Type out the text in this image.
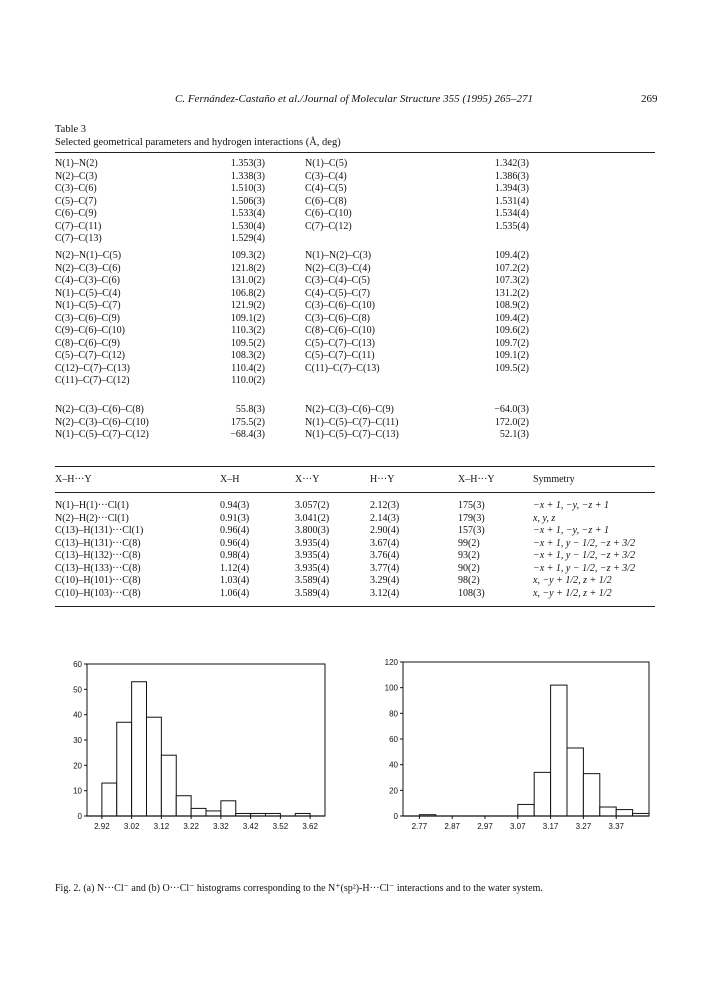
C. Fernández-Castaño et al./Journal of Molecular Structure 355 (1995) 265–271	269
Table 3
Selected geometrical parameters and hydrogen interactions (Å, deg)
N(1)–N(2)	1.353(3)	N(1)–C(5)	1.342(3)
N(2)–C(3)	1.338(3)	C(3)–C(4)	1.386(3)
C(3)–C(6)	1.510(3)	C(4)–C(5)	1.394(3)
C(5)–C(7)	1.506(3)	C(6)–C(8)	1.531(4)
C(6)–C(9)	1.533(4)	C(6)–C(10)	1.534(4)
C(7)–C(11)	1.530(4)	C(7)–C(12)	1.535(4)
C(7)–C(13)	1.529(4)
N(2)–N(1)–C(5)	109.3(2)	N(1)–N(2)–C(3)	109.4(2)
N(2)–C(3)–C(6)	121.8(2)	N(2)–C(3)–C(4)	107.2(2)
C(4)–C(3)–C(6)	131.0(2)	C(3)–C(4)–C(5)	107.3(2)
N(1)–C(5)–C(4)	106.8(2)	C(4)–C(5)–C(7)	131.2(2)
N(1)–C(5)–C(7)	121.9(2)	C(3)–C(6)–C(10)	108.9(2)
C(3)–C(6)–C(9)	109.1(2)	C(3)–C(6)–C(8)	109.4(2)
C(9)–C(6)–C(10)	110.3(2)	C(8)–C(6)–C(10)	109.6(2)
C(8)–C(6)–C(9)	109.5(2)	C(5)–C(7)–C(13)	109.7(2)
C(5)–C(7)–C(12)	108.3(2)	C(5)–C(7)–C(11)	109.1(2)
C(12)–C(7)–C(13)	110.4(2)	C(11)–C(7)–C(13)	109.5(2)
C(11)–C(7)–C(12)	110.0(2)
N(2)–C(3)–C(6)–C(8)	55.8(3)	N(2)–C(3)–C(6)–C(9)	−64.0(3)
N(2)–C(3)–C(6)–C(10)	175.5(2)	N(1)–C(5)–C(7)–C(11)	172.0(2)
N(1)–C(5)–C(7)–C(12)	−68.4(3)	N(1)–C(5)–C(7)–C(13)	52.1(3)
X–H···Y	X–H	X···Y	H···Y	X–H···Y	Symmetry
N(1)–H(1)···Cl(1)	0.94(3)	3.057(2)	2.12(3)	175(3)	−x + 1, −y, −z + 1
N(2)–H(2)···Cl(1)	0.91(3)	3.041(2)	2.14(3)	179(3)	x, y, z
C(13)–H(131)···Cl(1)	0.96(4)	3.800(3)	2.90(4)	157(3)	−x + 1, −y, −z + 1
C(13)–H(131)···C(8)	0.96(4)	3.935(4)	3.67(4)	99(2)	−x + 1, y − 1/2, −z + 3/2
C(13)–H(132)···C(8)	0.98(4)	3.935(4)	3.76(4)	93(2)	−x + 1, y − 1/2, −z + 3/2
C(13)–H(133)···C(8)	1.12(4)	3.935(4)	3.77(4)	90(2)	−x + 1, y − 1/2, −z + 3/2
C(10)–H(101)···C(8)	1.03(4)	3.589(4)	3.29(4)	98(2)	x, −y + 1/2, z + 1/2
C(10)–H(103)···C(8)	1.06(4)	3.589(4)	3.12(4)	108(3)	x, −y + 1/2, z + 1/2
0
10
20
30
40
50
60
2.92 3.02 3.12 3.22 3.32 3.42 3.52 3.62
0
20
40
60
80
100
120
2.77 2.87 2.97 3.07 3.17 3.27 3.37
Fig. 2. (a) N···Cl⁻ and (b) O···Cl⁻ histograms corresponding to the N⁺(sp²)-H···Cl⁻ interactions and to the water system.
